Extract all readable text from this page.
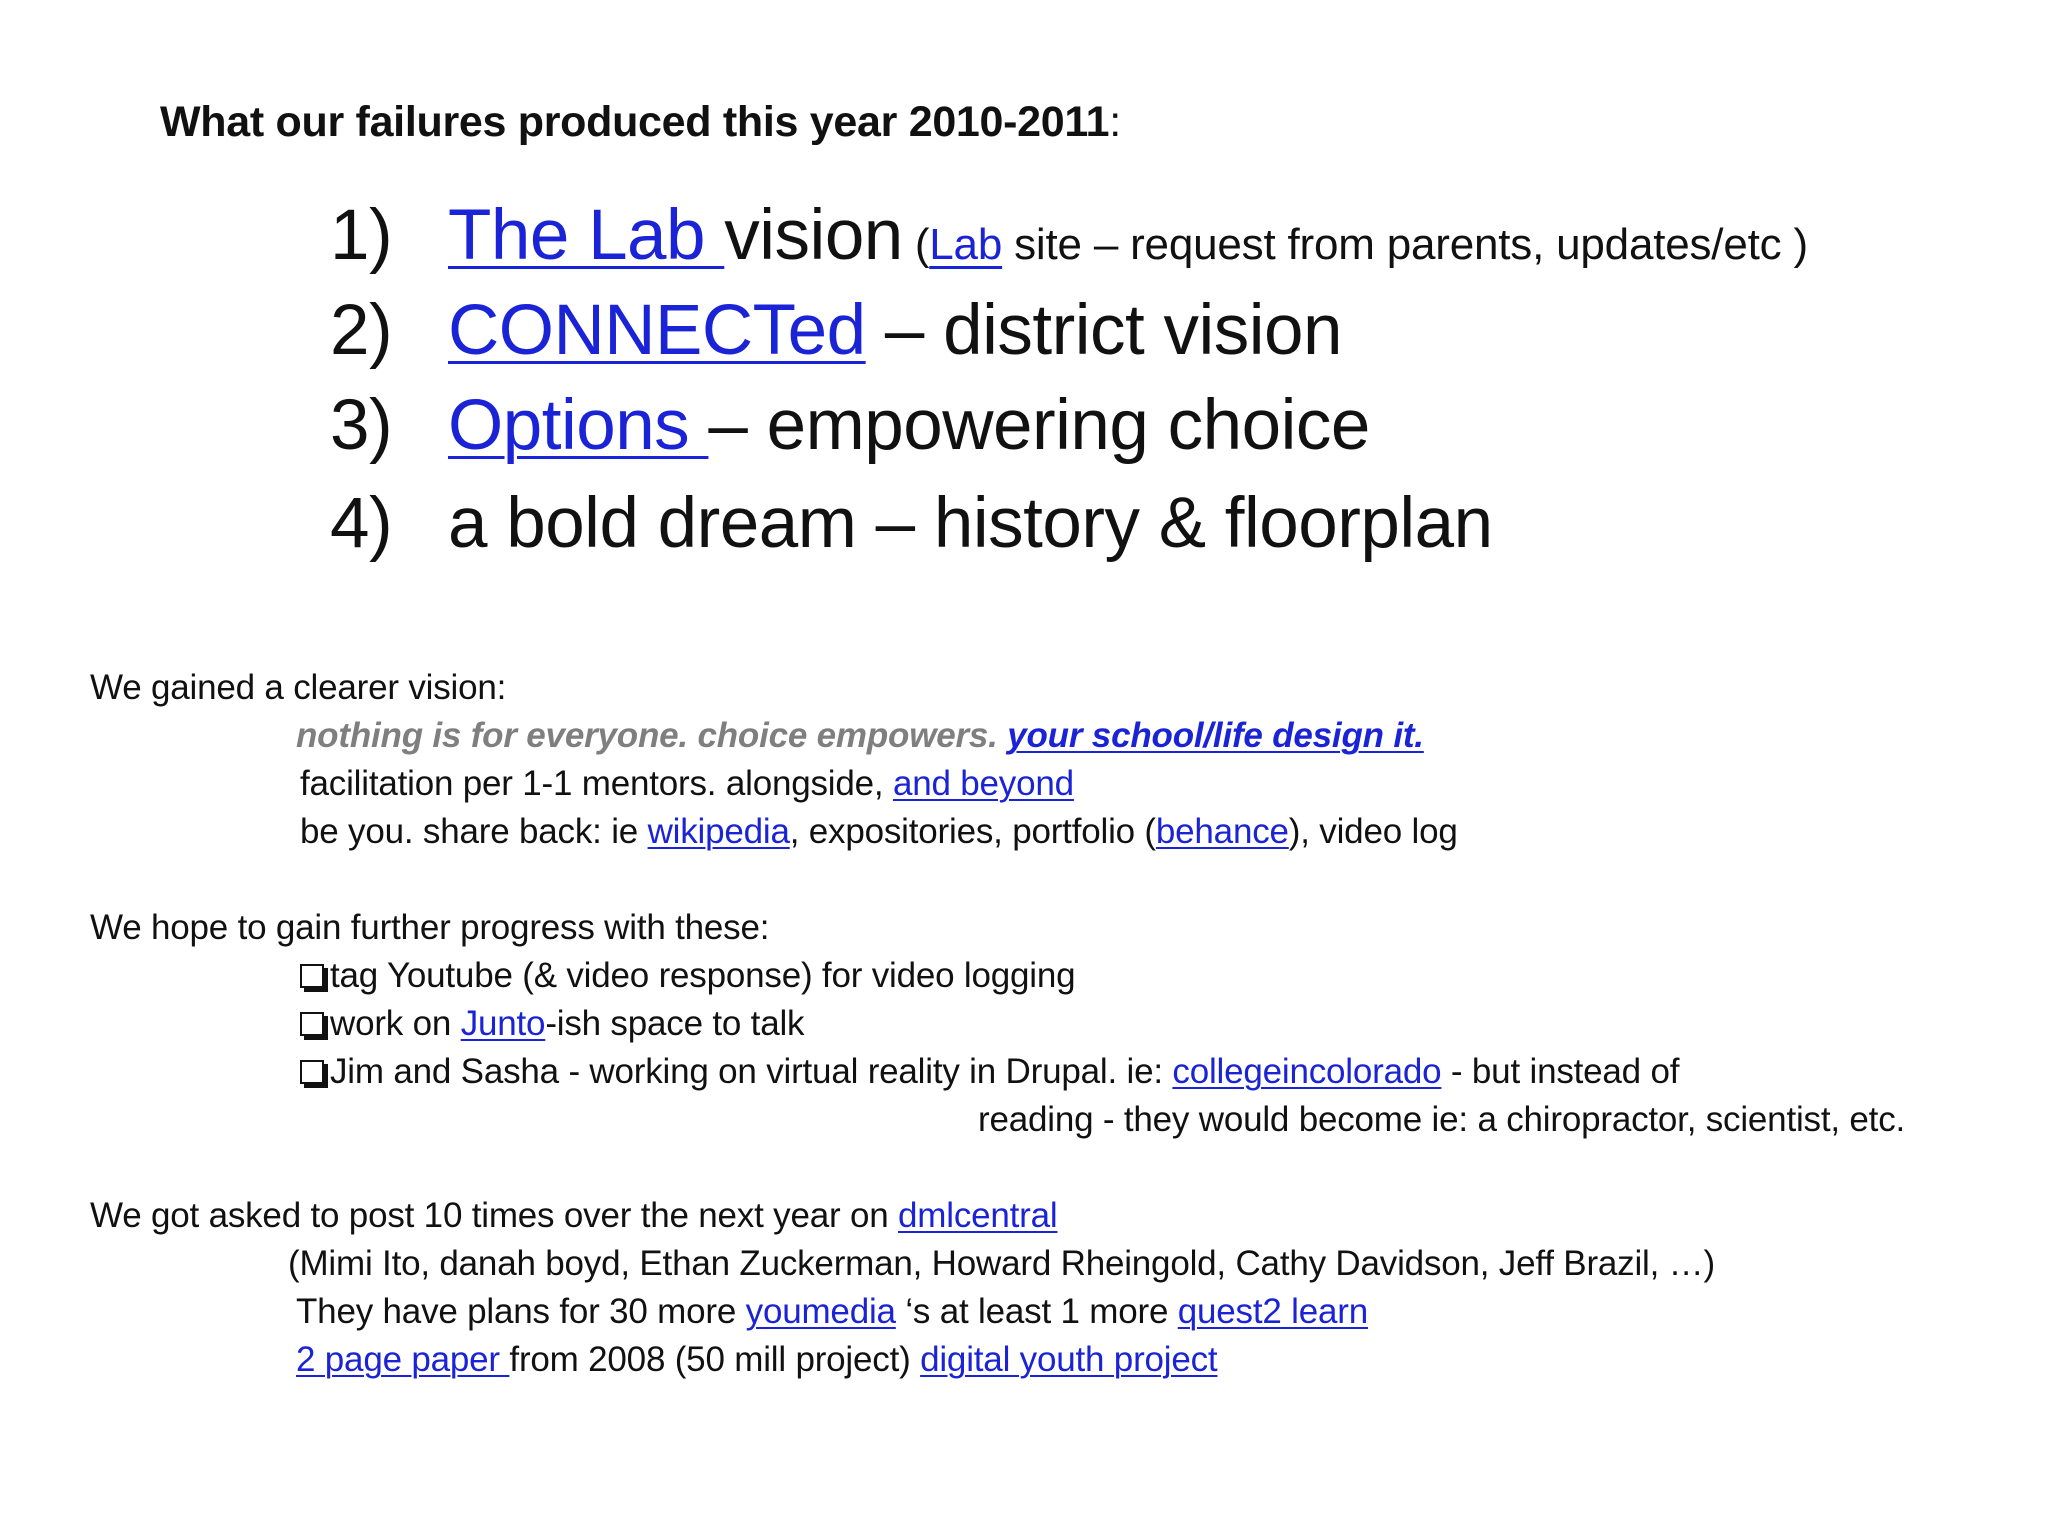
What our failures produced this year 2010-2011:
1) The Lab vision (Lab site – request from parents, updates/etc )
2) CONNECTed – district vision
3) Options – empowering choice
4) a bold dream – history & floorplan
We gained a clearer vision:
nothing is for everyone. choice empowers. your school/life design it.
facilitation per 1-1 mentors. alongside, and beyond
be you. share back: ie wikipedia, expositories, portfolio (behance), video log
We hope to gain further progress with these:
tag Youtube (& video response) for video logging
work on Junto-ish space to talk
Jim and Sasha - working on virtual reality in Drupal. ie: collegeincolorado - but instead of
reading - they would become ie: a chiropractor, scientist, etc.
We got asked to post 10 times over the next year on dmlcentral
(Mimi Ito, danah boyd, Ethan Zuckerman, Howard Rheingold, Cathy Davidson, Jeff Brazil, …)
They have plans for 30 more youmedia ‘s at least 1 more quest2 learn
2 page paper from 2008 (50 mill project) digital youth project
